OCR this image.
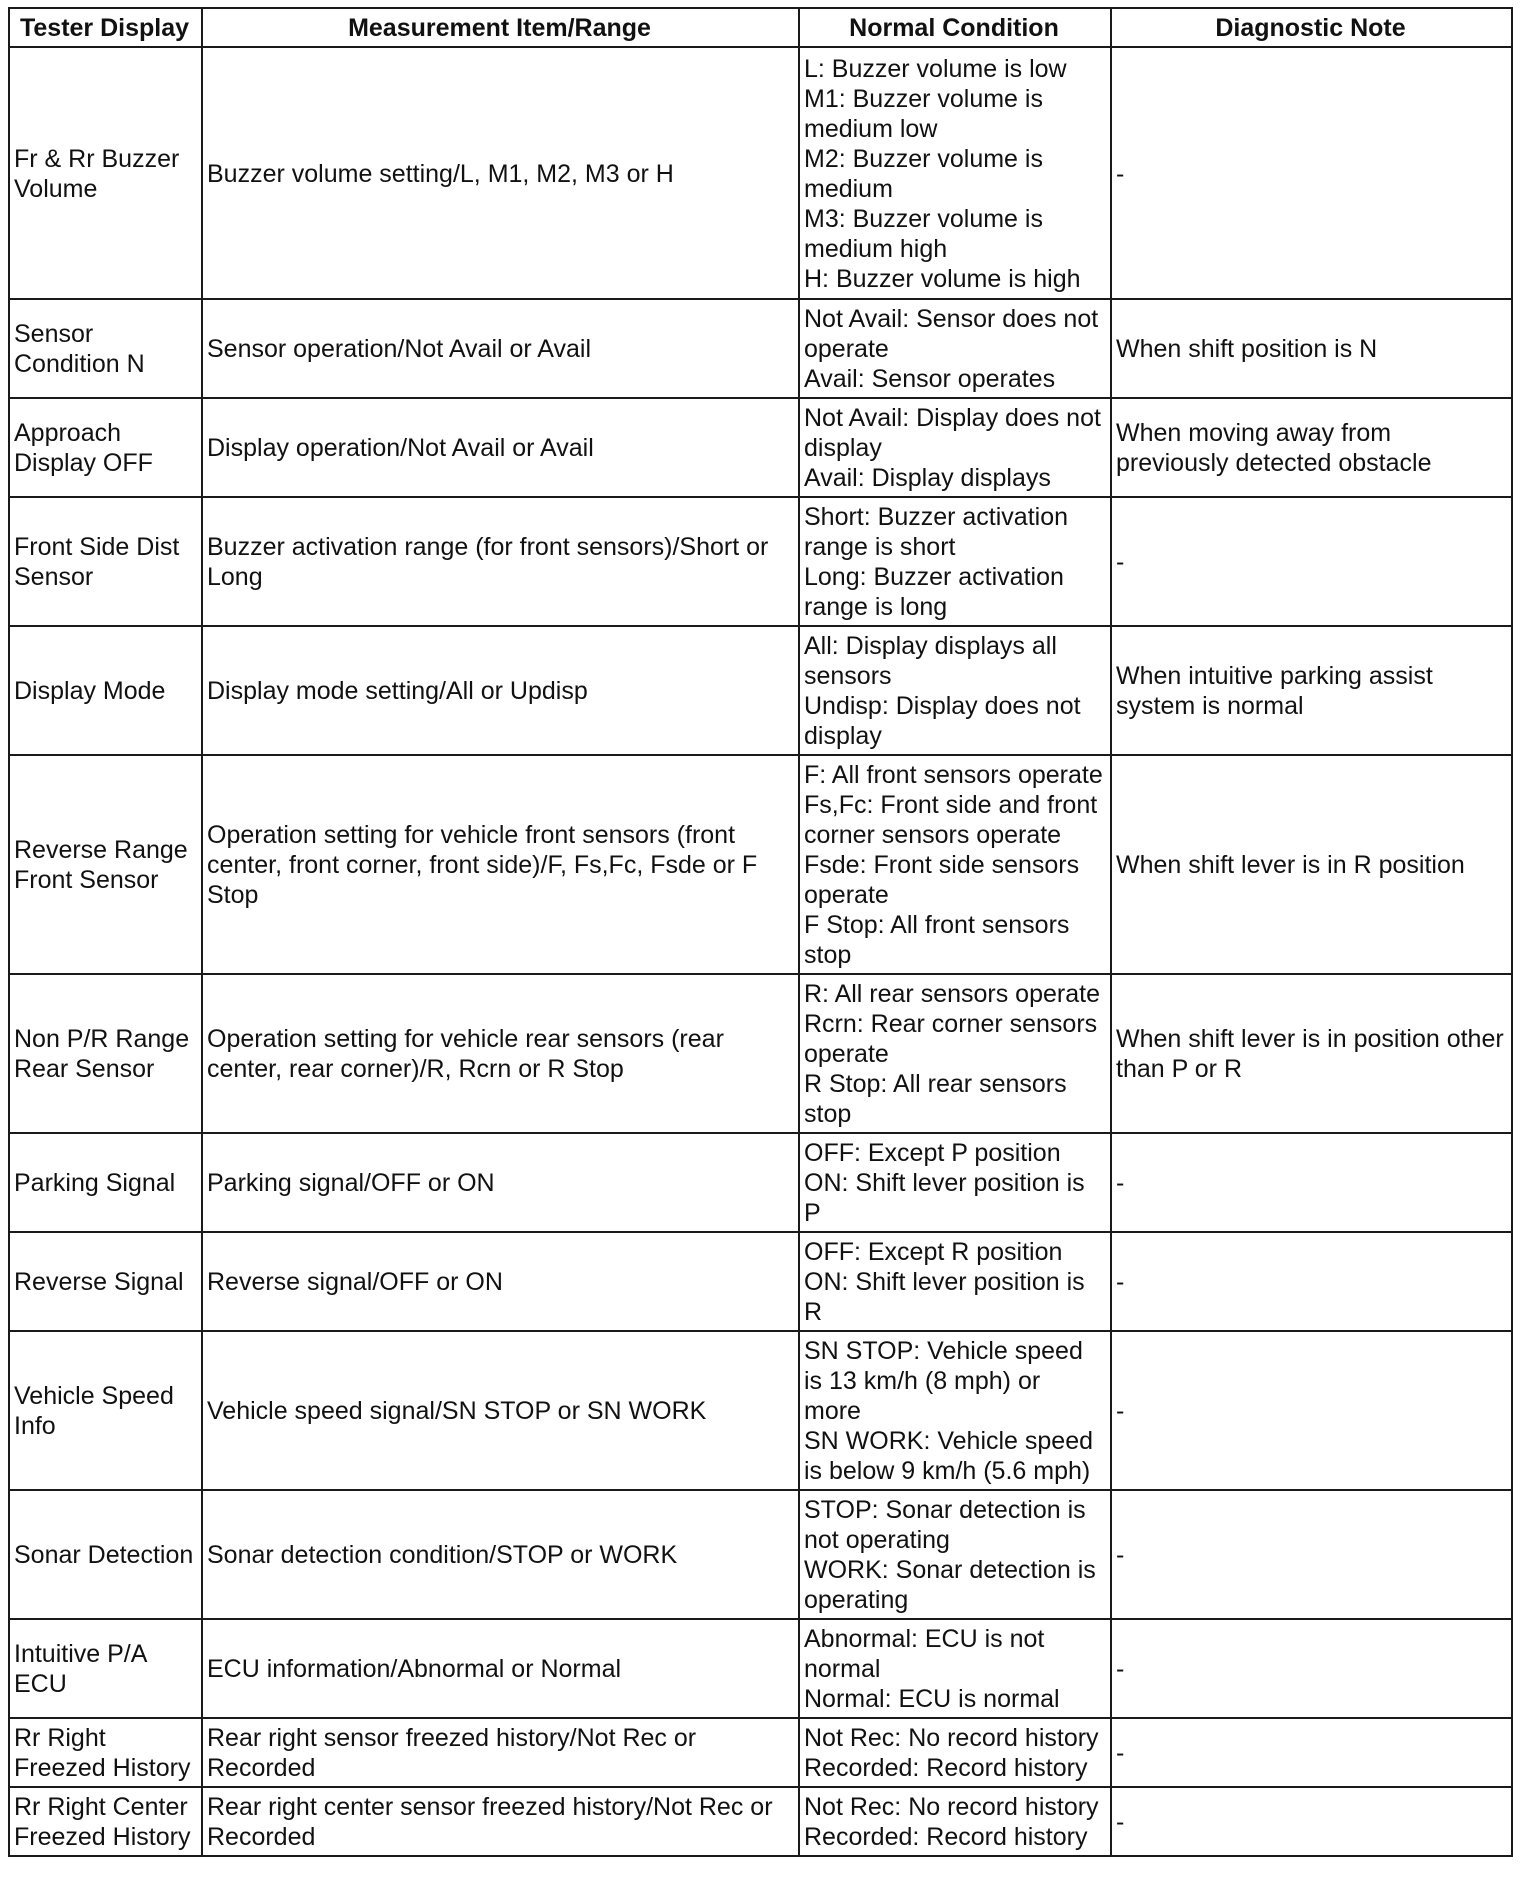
Tester Display	Measurement Item/Range	Normal Condition	Diagnostic Note
Fr & Rr Buzzer Volume	Buzzer volume setting/L, M1, M2, M3 or H	L: Buzzer volume is low
M1: Buzzer volume is medium low
M2: Buzzer volume is medium
M3: Buzzer volume is medium high
H: Buzzer volume is high	-
Sensor Condition N	Sensor operation/Not Avail or Avail	Not Avail: Sensor does not operate
Avail: Sensor operates	When shift position is N
Approach Display OFF	Display operation/Not Avail or Avail	Not Avail: Display does not display
Avail: Display displays	When moving away from previously detected obstacle
Front Side Dist Sensor	Buzzer activation range (for front sensors)/Short or Long	Short: Buzzer activation range is short
Long: Buzzer activation range is long	-
Display Mode	Display mode setting/All or Updisp	All: Display displays all sensors
Undisp: Display does not display	When intuitive parking assist system is normal
Reverse Range Front Sensor	Operation setting for vehicle front sensors (front center, front corner, front side)/F, Fs,Fc, Fsde or F Stop	F: All front sensors operate
Fs,Fc: Front side and front corner sensors operate
Fsde: Front side sensors operate
F Stop: All front sensors stop	When shift lever is in R position
Non P/R Range Rear Sensor	Operation setting for vehicle rear sensors (rear center, rear corner)/R, Rcrn or R Stop	R: All rear sensors operate
Rcrn: Rear corner sensors operate
R Stop: All rear sensors stop	When shift lever is in position other than P or R
Parking Signal	Parking signal/OFF or ON	OFF: Except P position
ON: Shift lever position is P	-
Reverse Signal	Reverse signal/OFF or ON	OFF: Except R position
ON: Shift lever position is R	-
Vehicle Speed Info	Vehicle speed signal/SN STOP or SN WORK	SN STOP: Vehicle speed is 13 km/h (8 mph) or more
SN WORK: Vehicle speed is below 9 km/h (5.6 mph)	-
Sonar Detection	Sonar detection condition/STOP or WORK	STOP: Sonar detection is not operating
WORK: Sonar detection is operating	-
Intuitive P/A ECU	ECU information/Abnormal or Normal	Abnormal: ECU is not normal
Normal: ECU is normal	-
Rr Right Freezed History	Rear right sensor freezed history/Not Rec or Recorded	Not Rec: No record history
Recorded: Record history	-
Rr Right Center Freezed History	Rear right center sensor freezed history/Not Rec or Recorded	Not Rec: No record history
Recorded: Record history	-
